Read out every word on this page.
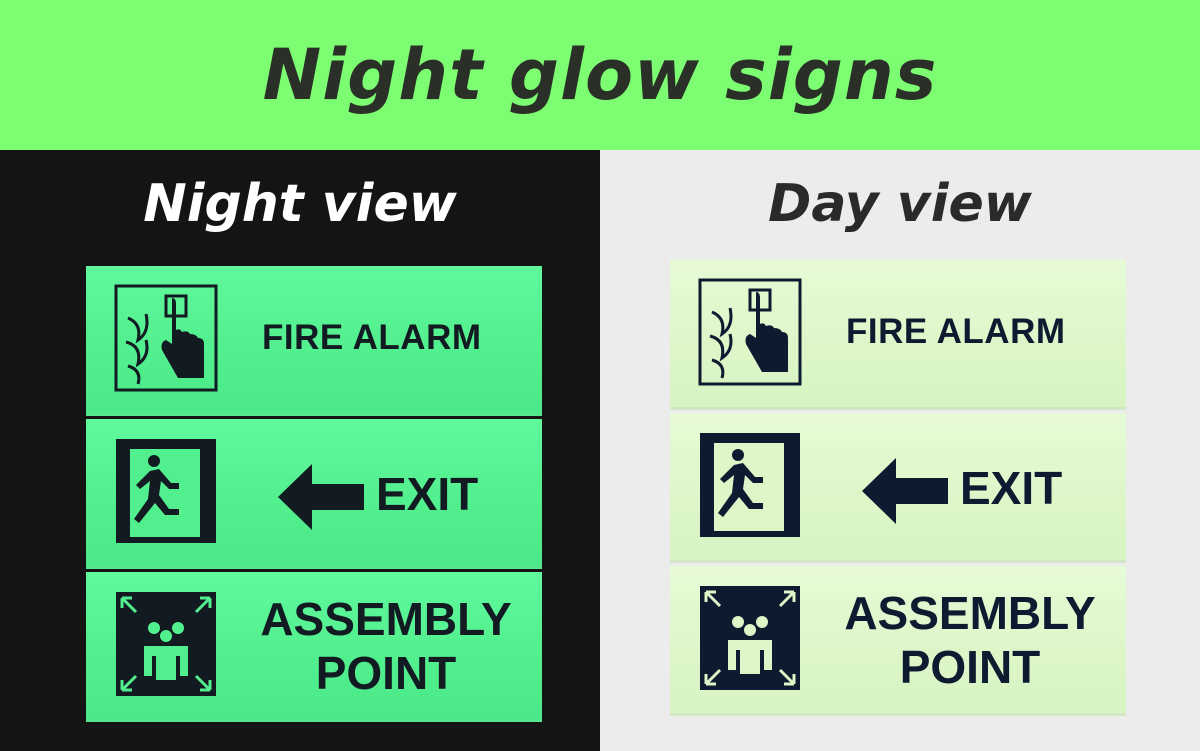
Night glow signs
Night view
FIRE ALARM
EXIT
ASSEMBLY
POINT
Day view
FIRE ALARM
EXIT
ASSEMBLY
POINT
